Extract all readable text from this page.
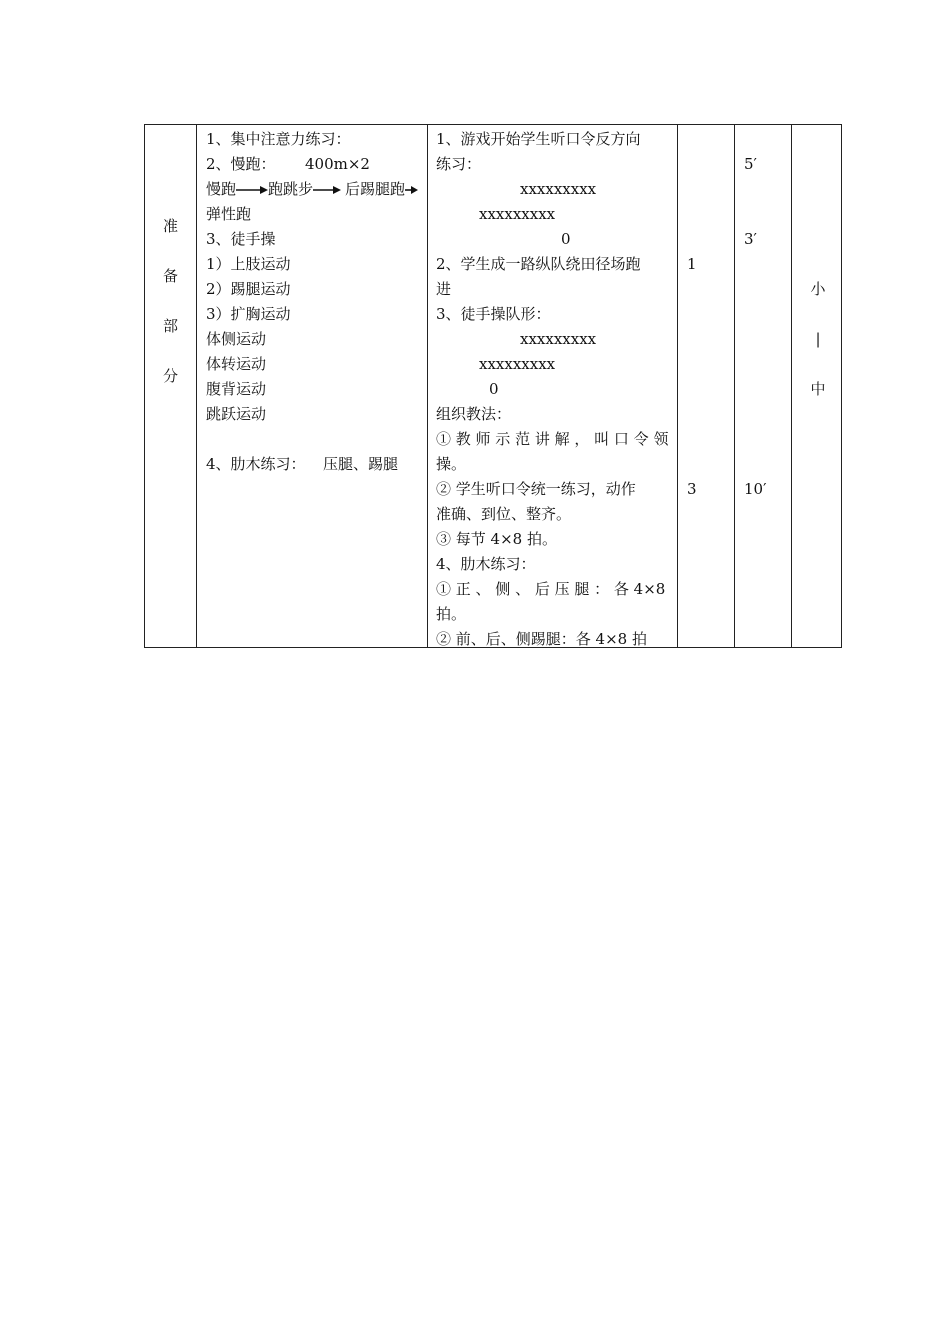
准
备
部
分
1、集中注意力练习：
2、慢跑： 400m×2
慢跑 跑跳步 后踢腿跑
弹性跑
3、徒手操
1）上肢运动
2）踢腿运动
3）扩胸运动
体侧运动
体转运动
腹背运动
跳跃运动
4、肋木练习： 压腿、踢腿
1、游戏开始学生听口令反方向
练习：
xxxxxxxxx
xxxxxxxxx
0
2、学生成一路纵队绕田径场跑
进
3、徒手操队形：
xxxxxxxxx
xxxxxxxxx
0
组织教法：
① 教 师 示 范 讲 解 ， 叫 口 令 领
操。
② 学生听口令统一练习，动作
准确、到位、整齐。
③ 每节 4×8 拍。
4、肋木练习：
① 正 、 侧 、 后 压 腿 ： 各 4×8
拍。
② 前、后、侧踢腿：各 4×8 拍
1
3
5′
3′
10′
小
|
中
